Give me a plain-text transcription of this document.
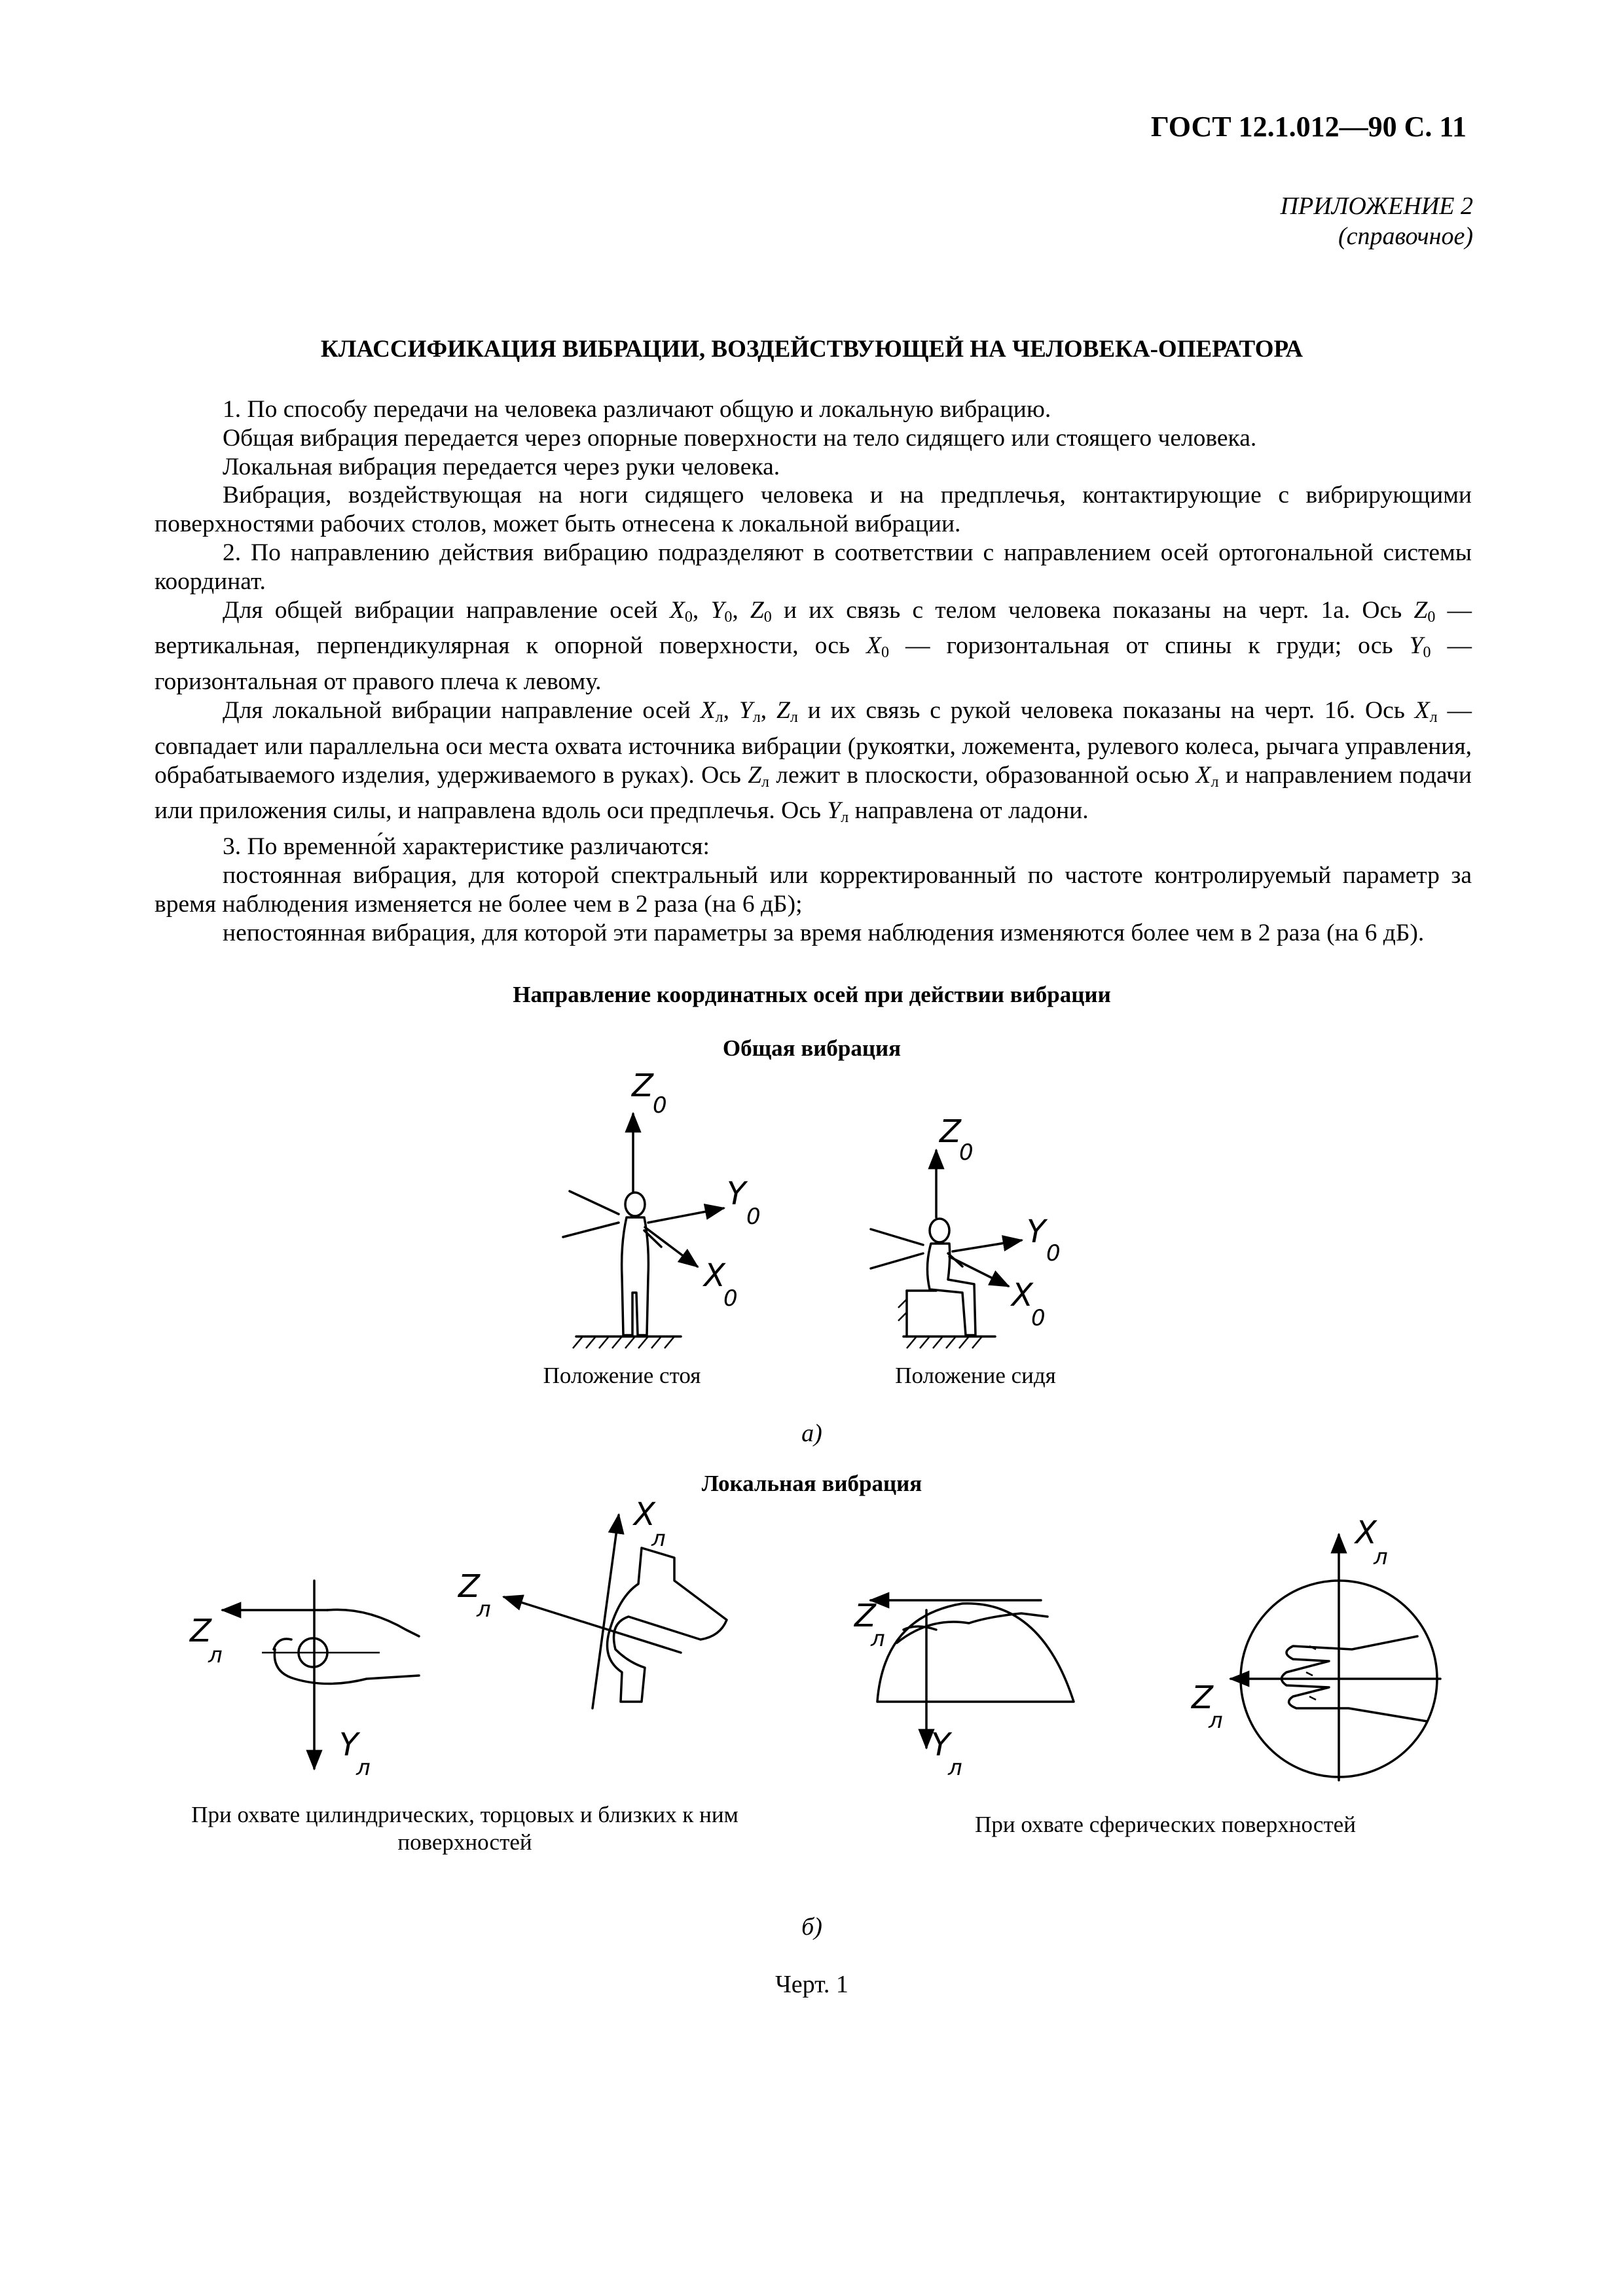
ГОСТ 12.1.012—90 С. 11
ПРИЛОЖЕНИЕ 2
(справочное)
КЛАССИФИКАЦИЯ ВИБРАЦИИ, ВОЗДЕЙСТВУЮЩЕЙ НА ЧЕЛОВЕКА-ОПЕРАТОРА

1. По способу передачи на человека различают общую и локальную вибрацию.

Общая вибрация передается через опорные поверхности на тело сидящего или стоящего человека.

Локальная вибрация передается через руки человека.

Вибрация, воздействующая на ноги сидящего человека и на предплечья, контактирующие с вибрирующими поверхностями рабочих столов, может быть отнесена к локальной вибрации.

2. По направлению действия вибрацию подразделяют в соответствии с направлением осей ортогональной системы координат.

Для общей вибрации направление осей $X_0$, $Y_0$, $Z_0$ и их связь с телом человека показаны на черт. 1а. Ось $Z_0$ — вертикальная, перпендикулярная к опорной поверхности, ось $X_0$ — горизонтальная от спины к груди; ось $Y_0$ — горизонтальная от правого плеча к левому.

Для локальной вибрации направление осей $X_л$, $Y_л$, $Z_л$ и их связь с рукой человека показаны на черт. 1б. Ось $X_л$ — совпадает или параллельна оси места охвата источника вибрации (рукоятки, ложемента, рулевого колеса, рычага управления, обрабатываемого изделия, удерживаемого в руках). Ось $Z_л$ лежит в плоскости, образованной осью $X_л$ и направлением подачи или приложения силы, и направлена вдоль оси предплечья. Ось $Y_л$ направлена от ладони.

3. По временно́й характеристике различаются:

постоянная вибрация, для которой спектральный или корректированный по частоте контролируемый параметр за время наблюдения изменяется не более чем в 2 раза (на 6 дБ);

непостоянная вибрация, для которой эти параметры за время наблюдения изменяются более чем в 2 раза (на 6 дБ).

Направление координатных осей при действии вибрации
Общая вибрация
Z
0
Y
0
X
0
Z
0
Y
0
X
0
Z
л
Y
л
X
л
Z
л	Z
л
Y
л
X
л
Z
л
Положение стоя	Положение сидя
а)
Локальная вибрация
При охвате цилиндрических, торцовых и близких к ним поверхностей
При охвате сферических поверхностей
б)
Черт. 1
